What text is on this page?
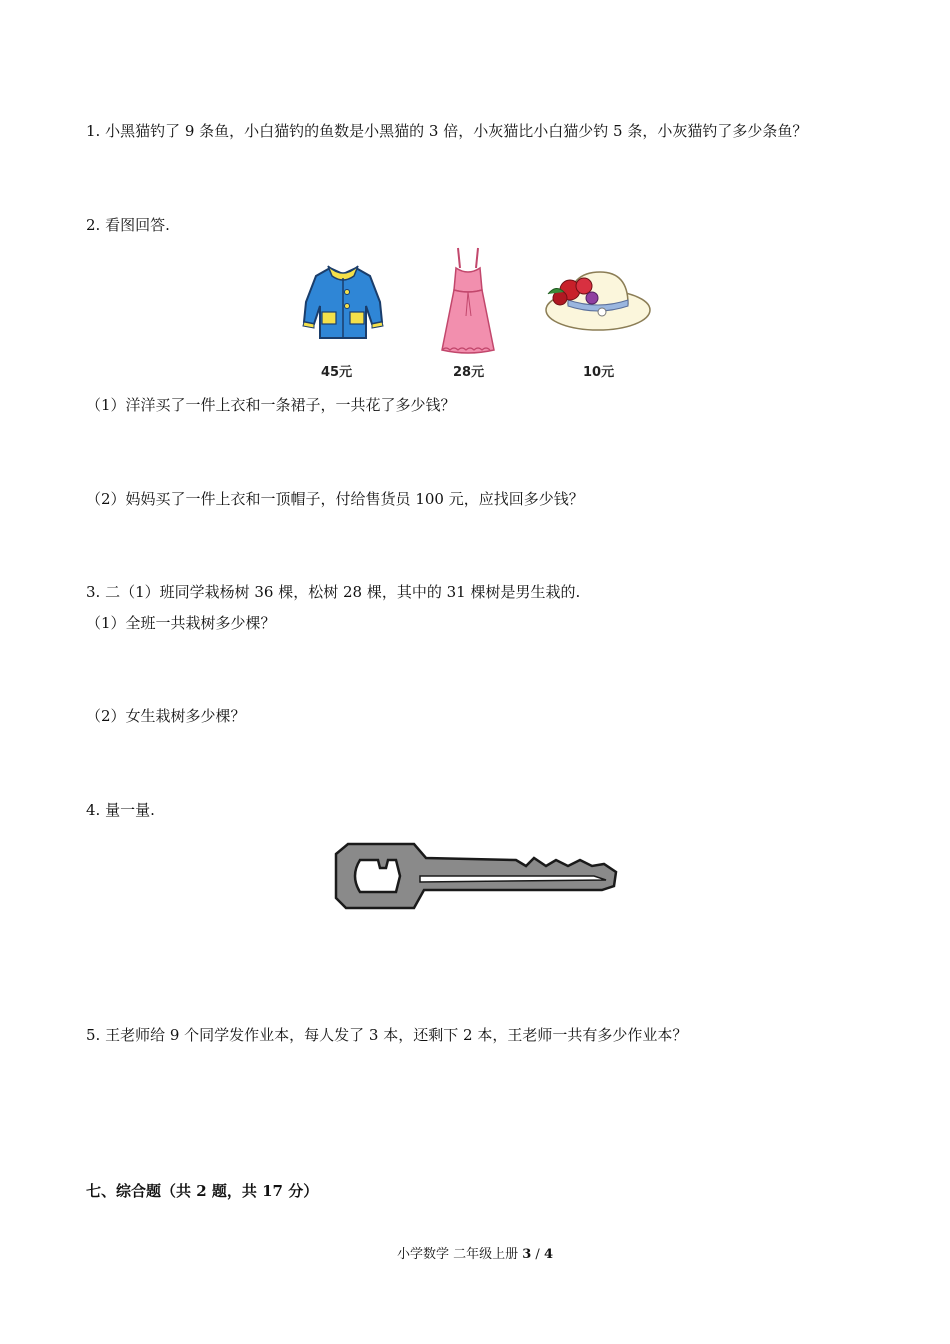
1. 小黑猫钓了 9 条鱼，小白猫钓的鱼数是小黑猫的 3 倍，小灰猫比小白猫少钓 5 条，小灰猫钓了多少条鱼？
2. 看图回答.
45元	28元	10元
（1）洋洋买了一件上衣和一条裙子，一共花了多少钱？
（2）妈妈买了一件上衣和一顶帽子，付给售货员 100 元，应找回多少钱？
3. 二（1）班同学栽杨树 36 棵，松树 28 棵，其中的 31 棵树是男生栽的.
（1）全班一共栽树多少棵？
（2）女生栽树多少棵？
4. 量一量.
5. 王老师给 9 个同学发作业本，每人发了 3 本，还剩下 2 本，王老师一共有多少作业本？
七、综合题（共 2 题，共 17 分）
小学数学 二年级上册 3 / 4
